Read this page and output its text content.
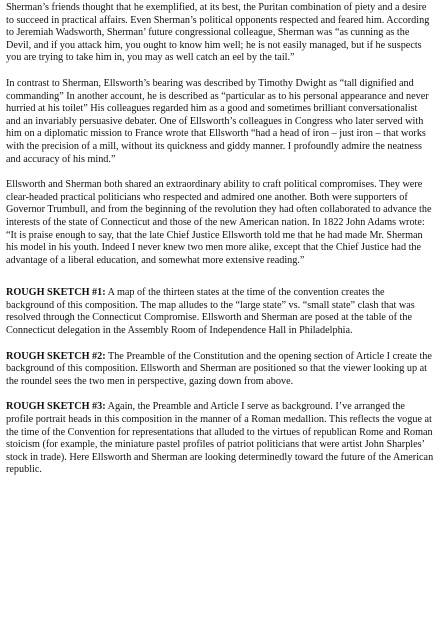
Sherman’s friends thought that he exemplified, at its best, the Puritan combination of piety and a desire to succeed in practical affairs. Even Sherman’s political opponents respected and feared him. According to Jeremiah Wadsworth, Sherman’ future congressional colleague, Sherman was “as cunning as the Devil, and if you attack him, you ought to know him well; he is not easily managed, but if he suspects you are trying to take him in, you may as well catch an eel by the tail.”

In contrast to Sherman, Ellsworth’s bearing was described by Timothy Dwight as “tall dignified and commanding” In another account, he is described as “particular as to his personal appearance and never hurried at his toilet” His colleagues regarded him as a good and sometimes brilliant conversationalist and an invariably persuasive debater. One of Ellsworth’s colleagues in Congress who later served with him on a diplomatic mission to France wrote that Ellsworth “had a head of iron – just iron – that works with the precision of a mill, without its quickness and giddy manner. I profoundly admire the neatness and accuracy of his mind.”

Ellsworth and Sherman both shared an extraordinary ability to craft political compromises. They were clear-headed practical politicians who respected and admired one another. Both were supporters of Governor Trumbull, and from the beginning of the revolution they had often collaborated to advance the interests of the state of Connecticut and those of the new American nation. In 1822 John Adams wrote: “It is praise enough to say, that the late Chief Justice Ellsworth told me that he had made Mr. Sherman his model in his youth. Indeed I never knew two men more alike, except that the Chief Justice had the advantage of a liberal education, and somewhat more extensive reading.”

ROUGH SKETCH #1: A map of the thirteen states at the time of the convention creates the background of this composition. The map alludes to the “large state” vs. “small state” clash that was resolved through the Connecticut Compromise. Ellsworth and Sherman are posed at the table of the Connecticut delegation in the Assembly Room of Independence Hall in Philadelphia.

ROUGH SKETCH #2: The Preamble of the Constitution and the opening section of Article I create the background of this composition. Ellsworth and Sherman are positioned so that the viewer looking up at the roundel sees the two men in perspective, gazing down from above.

ROUGH SKETCH #3: Again, the Preamble and Article I serve as background. I’ve arranged the profile portrait heads in this composition in the manner of a Roman medallion. This reflects the vogue at the time of the Convention for representations that alluded to the virtues of republican Rome and Roman stoicism (for example, the miniature pastel profiles of patriot politicians that were artist John Sharples’ stock in trade). Here Ellsworth and Sherman are looking determinedly toward the future of the American republic.
